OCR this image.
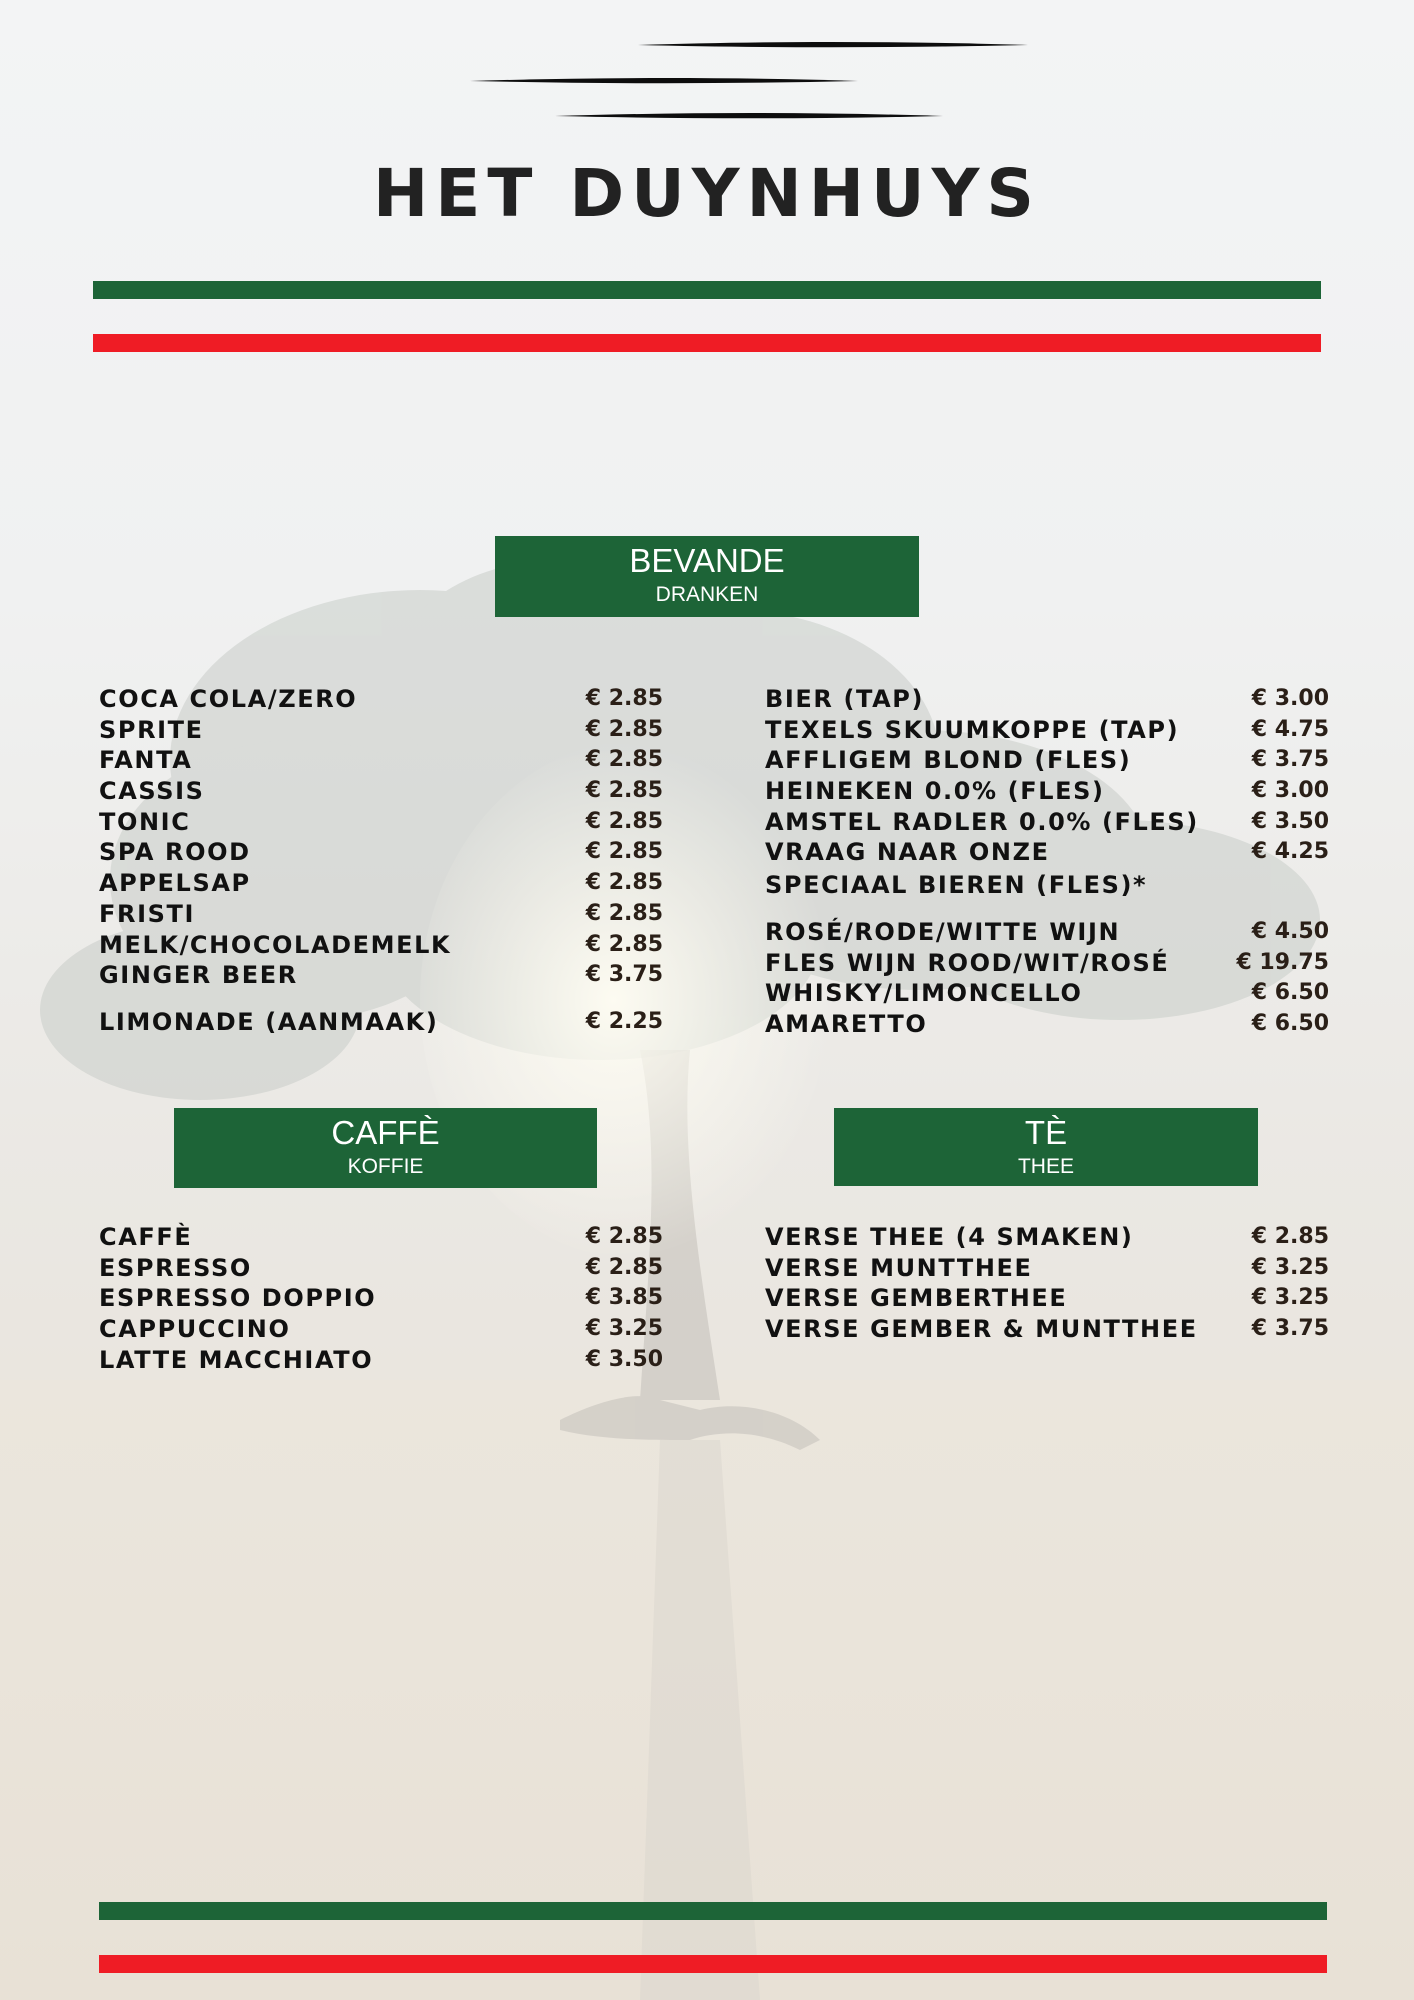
HET DUYNHUYS
BEVANDE
DRANKEN
COCA COLA/ZERO	€ 2.85
SPRITE	€ 2.85
FANTA	€ 2.85
CASSIS	€ 2.85
TONIC	€ 2.85
SPA ROOD	€ 2.85
APPELSAP	€ 2.85
FRISTI	€ 2.85
MELK/CHOCOLADEMELK	€ 2.85
GINGER BEER	€ 3.75
LIMONADE (AANMAAK)	€ 2.25
BIER (TAP)	€ 3.00
TEXELS SKUUMKOPPE (TAP)	€ 4.75
AFFLIGEM BLOND (FLES)	€ 3.75
HEINEKEN 0.0% (FLES)	€ 3.00
AMSTEL RADLER 0.0% (FLES) € 3.50
VRAAG NAAR ONZE	€ 4.25
SPECIAAL BIEREN (FLES)*
ROSÉ/RODE/WITTE WIJN	€ 4.50
FLES WIJN ROOD/WIT/ROSÉ	€ 19.75
WHISKY/LIMONCELLO	€ 6.50
AMARETTO	€ 6.50
CAFFÈ
KOFFIE
TÈ
THEE
CAFFÈ	€ 2.85
ESPRESSO	€ 2.85
ESPRESSO DOPPIO	€ 3.85
CAPPUCCINO	€ 3.25
LATTE MACCHIATO	€ 3.50
VERSE THEE (4 SMAKEN)	€ 2.85
VERSE MUNTTHEE	€ 3.25
VERSE GEMBERTHEE	€ 3.25
VERSE GEMBER & MUNTTHEE € 3.75
